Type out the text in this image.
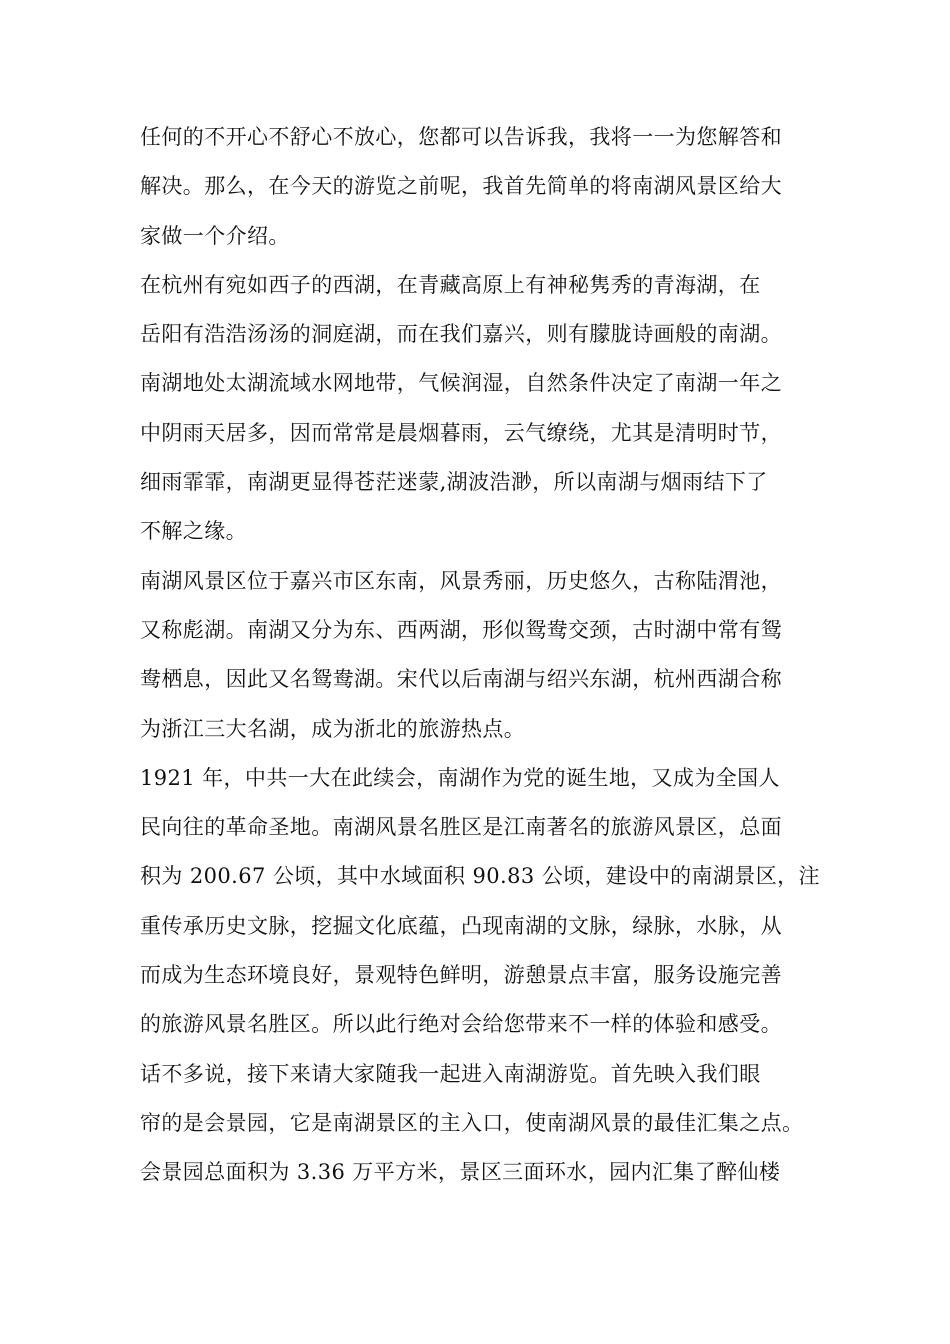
任何的不开心不舒心不放心，您都可以告诉我，我将一一为您解答和
解决。那么，在今天的游览之前呢，我首先简单的将南湖风景区给大
家做一个介绍。
在杭州有宛如西子的西湖，在青藏高原上有神秘隽秀的青海湖，在
岳阳有浩浩汤汤的洞庭湖，而在我们嘉兴，则有朦胧诗画般的南湖。
南湖地处太湖流域水网地带，气候润湿，自然条件决定了南湖一年之
中阴雨天居多，因而常常是晨烟暮雨，云气缭绕，尤其是清明时节，
细雨霏霏，南湖更显得苍茫迷蒙,湖波浩渺，所以南湖与烟雨结下了
不解之缘。
南湖风景区位于嘉兴市区东南，风景秀丽，历史悠久，古称陆渭池，
又称彪湖。南湖又分为东、西两湖，形似鸳鸯交颈，古时湖中常有鸳
鸯栖息，因此又名鸳鸯湖。宋代以后南湖与绍兴东湖，杭州西湖合称
为浙江三大名湖，成为浙北的旅游热点。
1921 年，中共一大在此续会，南湖作为党的诞生地，又成为全国人
民向往的革命圣地。南湖风景名胜区是江南著名的旅游风景区，总面
积为 200.67 公顷，其中水域面积 90.83 公顷，建设中的南湖景区，注
重传承历史文脉，挖掘文化底蕴，凸现南湖的文脉，绿脉，水脉，从
而成为生态环境良好，景观特色鲜明，游憩景点丰富，服务设施完善
的旅游风景名胜区。所以此行绝对会给您带来不一样的体验和感受。
话不多说，接下来请大家随我一起进入南湖游览。首先映入我们眼
帘的是会景园，它是南湖景区的主入口，使南湖风景的最佳汇集之点。
会景园总面积为 3.36 万平方米，景区三面环水，园内汇集了醉仙楼
